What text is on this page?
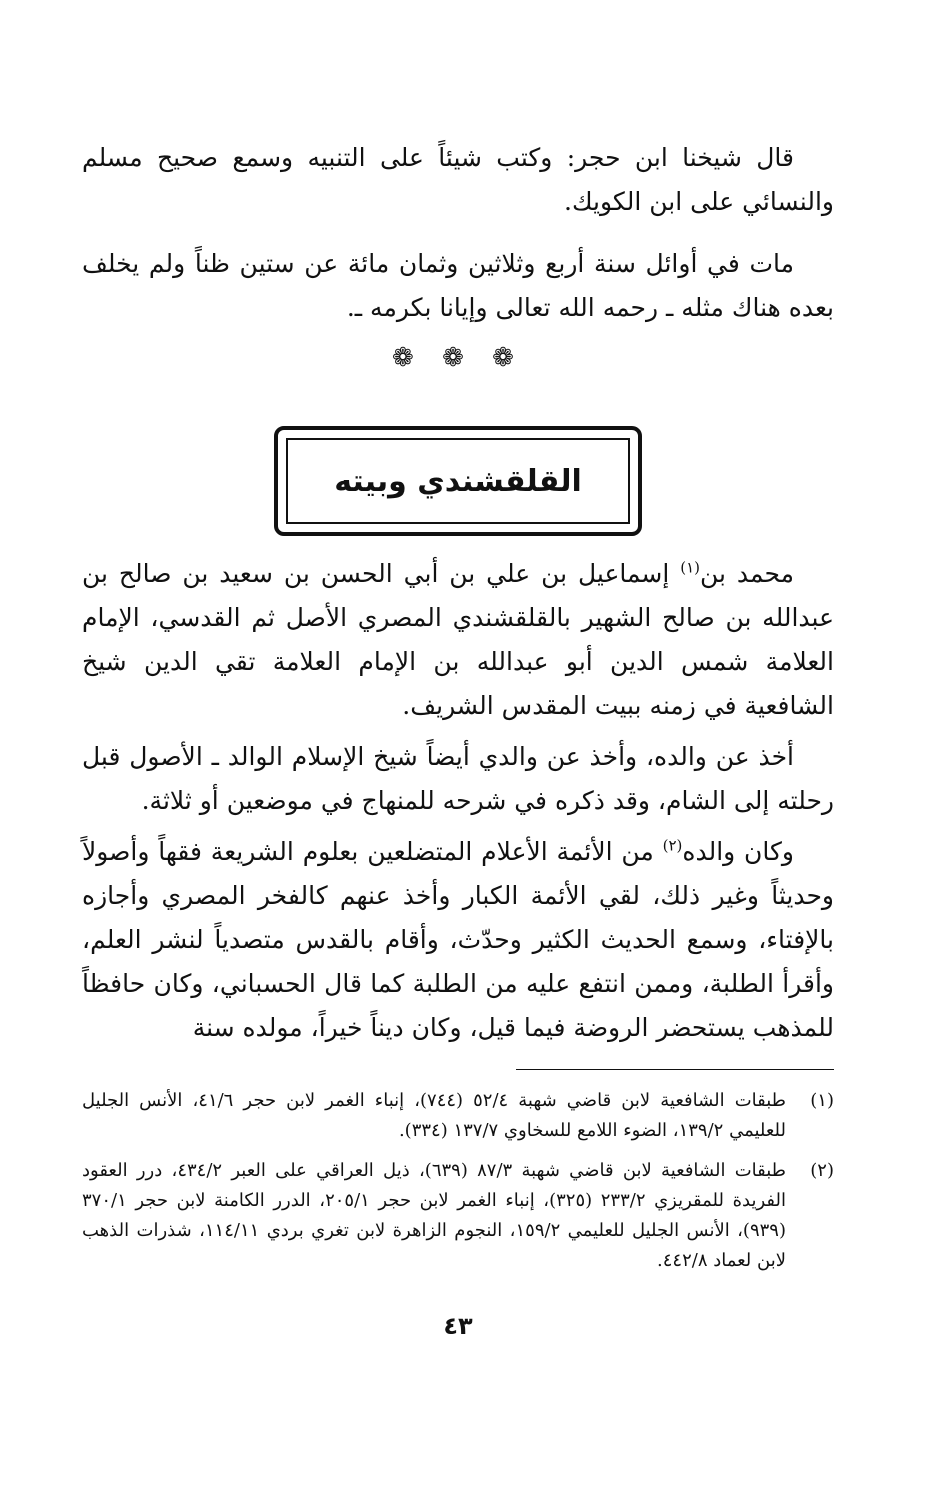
قال شيخنا ابن حجر: وكتب شيئاً على التنبيه وسمع صحيح مسلم والنسائي على ابن الكويك.

مات في أوائل سنة أربع وثلاثين وثمان مائة عن ستين ظناً ولم يخلف بعده هناك مثله ـ رحمه الله تعالى وإيانا بكرمه ـ.

❁ ❁ ❁
القلقشندي وبيته

محمد بن$^{(١)}$ إسماعيل بن علي بن أبي الحسن بن سعيد بن صالح بن عبدالله بن صالح الشهير بالقلقشندي المصري الأصل ثم القدسي، الإمام العلامة شمس الدين أبو عبدالله بن الإمام العلامة تقي الدين شيخ الشافعية في زمنه ببيت المقدس الشريف.

أخذ عن والده، وأخذ عن والدي أيضاً شيخ الإسلام الوالد ـ الأصول قبل رحلته إلى الشام، وقد ذكره في شرحه للمنهاج في موضعين أو ثلاثة.

وكان والده$^{(٢)}$ من الأئمة الأعلام المتضلعين بعلوم الشريعة فقهاً وأصولاً وحديثاً وغير ذلك، لقي الأئمة الكبار وأخذ عنهم كالفخر المصري وأجازه بالإفتاء، وسمع الحديث الكثير وحدّث، وأقام بالقدس متصدياً لنشر العلم، وأقرأ الطلبة، وممن انتفع عليه من الطلبة كما قال الحسباني، وكان حافظاً للمذهب يستحضر الروضة فيما قيل، وكان ديناً خيراً، مولده سنة

(١)
طبقات الشافعية لابن قاضي شهبة ٥٢/٤ (٧٤٤)، إنباء الغمر لابن حجر ٤١/٦، الأنس الجليل للعليمي ١٣٩/٢، الضوء اللامع للسخاوي ١٣٧/٧ (٣٣٤).
(٢)
طبقات الشافعية لابن قاضي شهبة ٨٧/٣ (٦٣٩)، ذيل العراقي على العبر ٤٣٤/٢، درر العقود الفريدة للمقريزي ٢٣٣/٢ (٣٢٥)، إنباء الغمر لابن حجر ٢٠٥/١، الدرر الكامنة لابن حجر ٣٧٠/١ (٩٣٩)، الأنس الجليل للعليمي ١٥٩/٢، النجوم الزاهرة لابن تغري بردي ١١٤/١١، شذرات الذهب لابن لعماد ٤٤٢/٨.
٤٣
